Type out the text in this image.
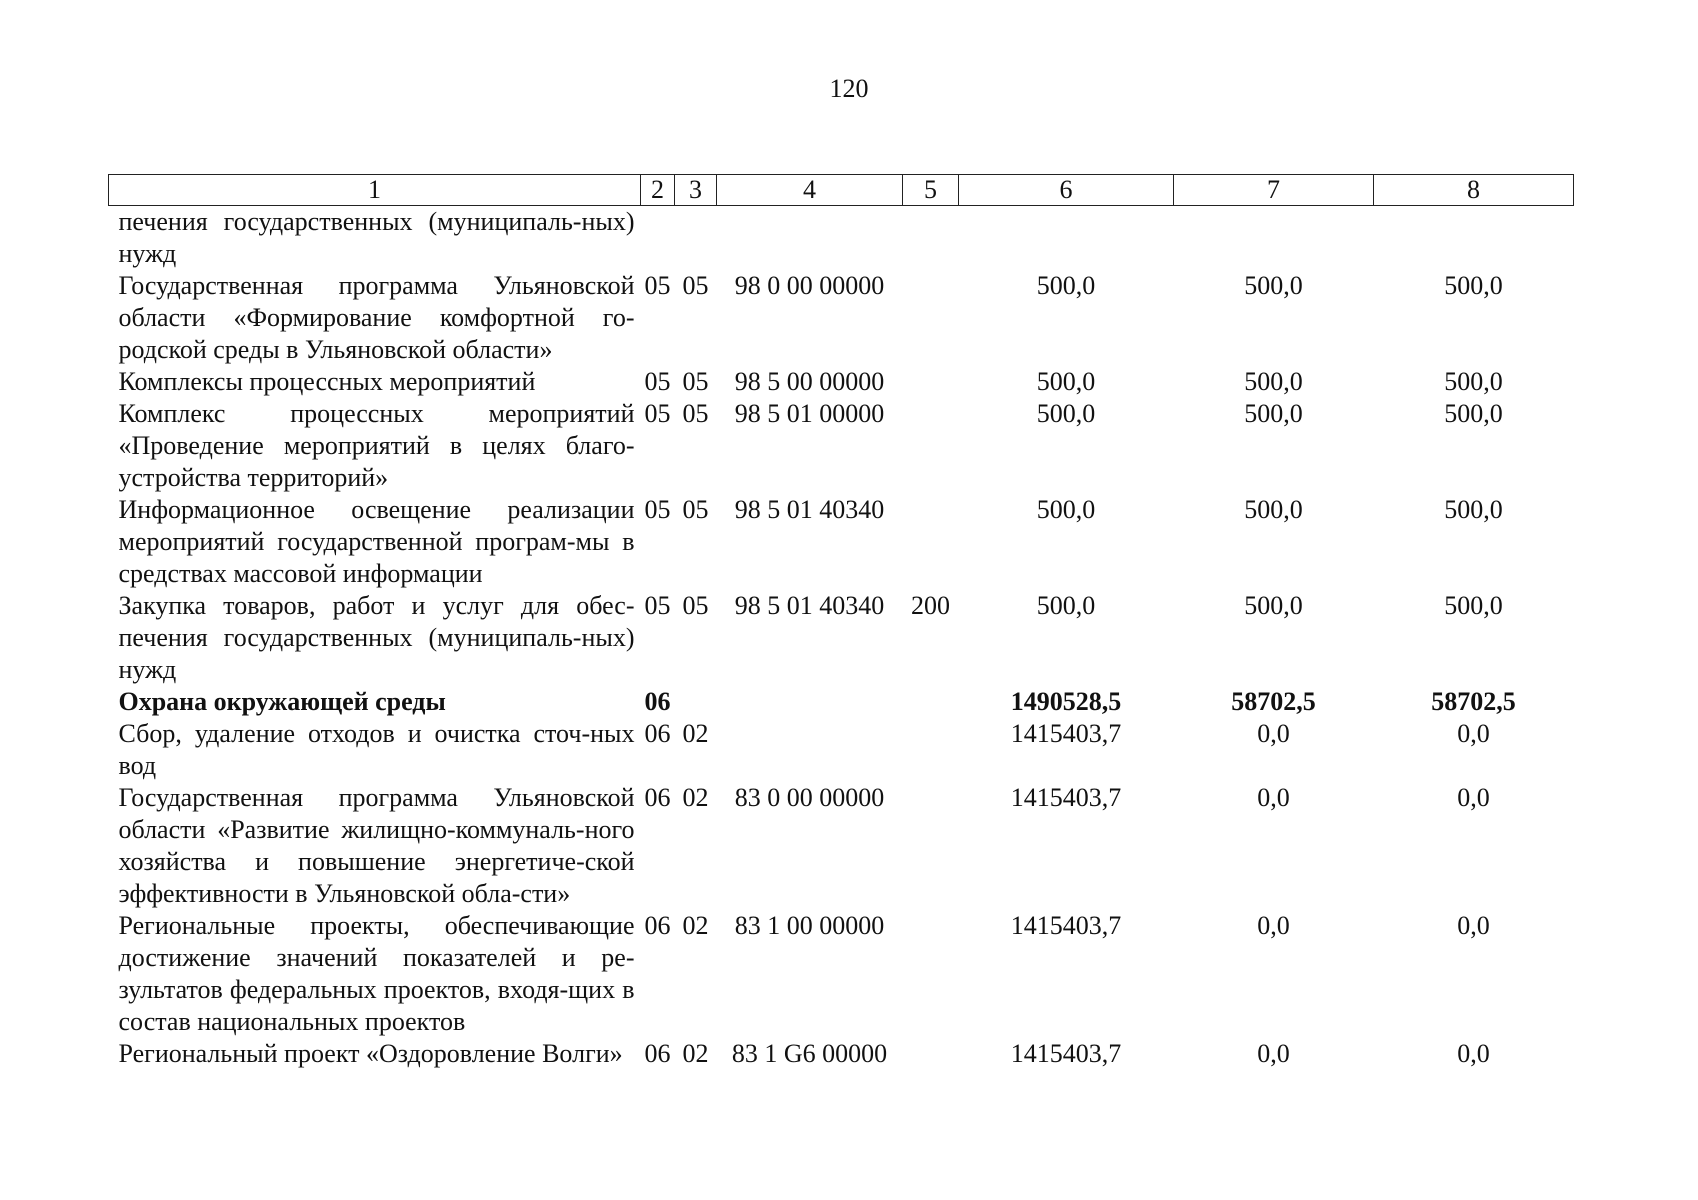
120
1	2	3	4	5	6	7	8
печения государственных (муниципаль-ных) нужд							
Государственная программа Ульяновской области «Формирование комфортной го-родской среды в Ульяновской области»	05	05	98 0 00 00000		500,0	500,0	500,0
Комплексы процессных мероприятий	05	05	98 5 00 00000		500,0	500,0	500,0
Комплекс процессных мероприятий «Проведение мероприятий в целях благо-устройства территорий»	05	05	98 5 01 00000		500,0	500,0	500,0
Информационное освещение реализации мероприятий государственной програм-мы в средствах массовой информации	05	05	98 5 01 40340		500,0	500,0	500,0
Закупка товаров, работ и услуг для обес-печения государственных (муниципаль-ных) нужд	05	05	98 5 01 40340	200	500,0	500,0	500,0
Охрана окружающей среды	06				1490528,5	58702,5	58702,5
Сбор, удаление отходов и очистка сточ-ных вод	06	02			1415403,7	0,0	0,0
Государственная программа Ульяновской области «Развитие жилищно-коммуналь-ного хозяйства и повышение энергетиче-ской эффективности в Ульяновской обла-сти»	06	02	83 0 00 00000		1415403,7	0,0	0,0
Региональные проекты, обеспечивающие достижение значений показателей и ре-зультатов федеральных проектов, входя-щих в состав национальных проектов	06	02	83 1 00 00000		1415403,7	0,0	0,0
Региональный проект «Оздоровление Волги»	06	02	83 1 G6 00000		1415403,7	0,0	0,0
